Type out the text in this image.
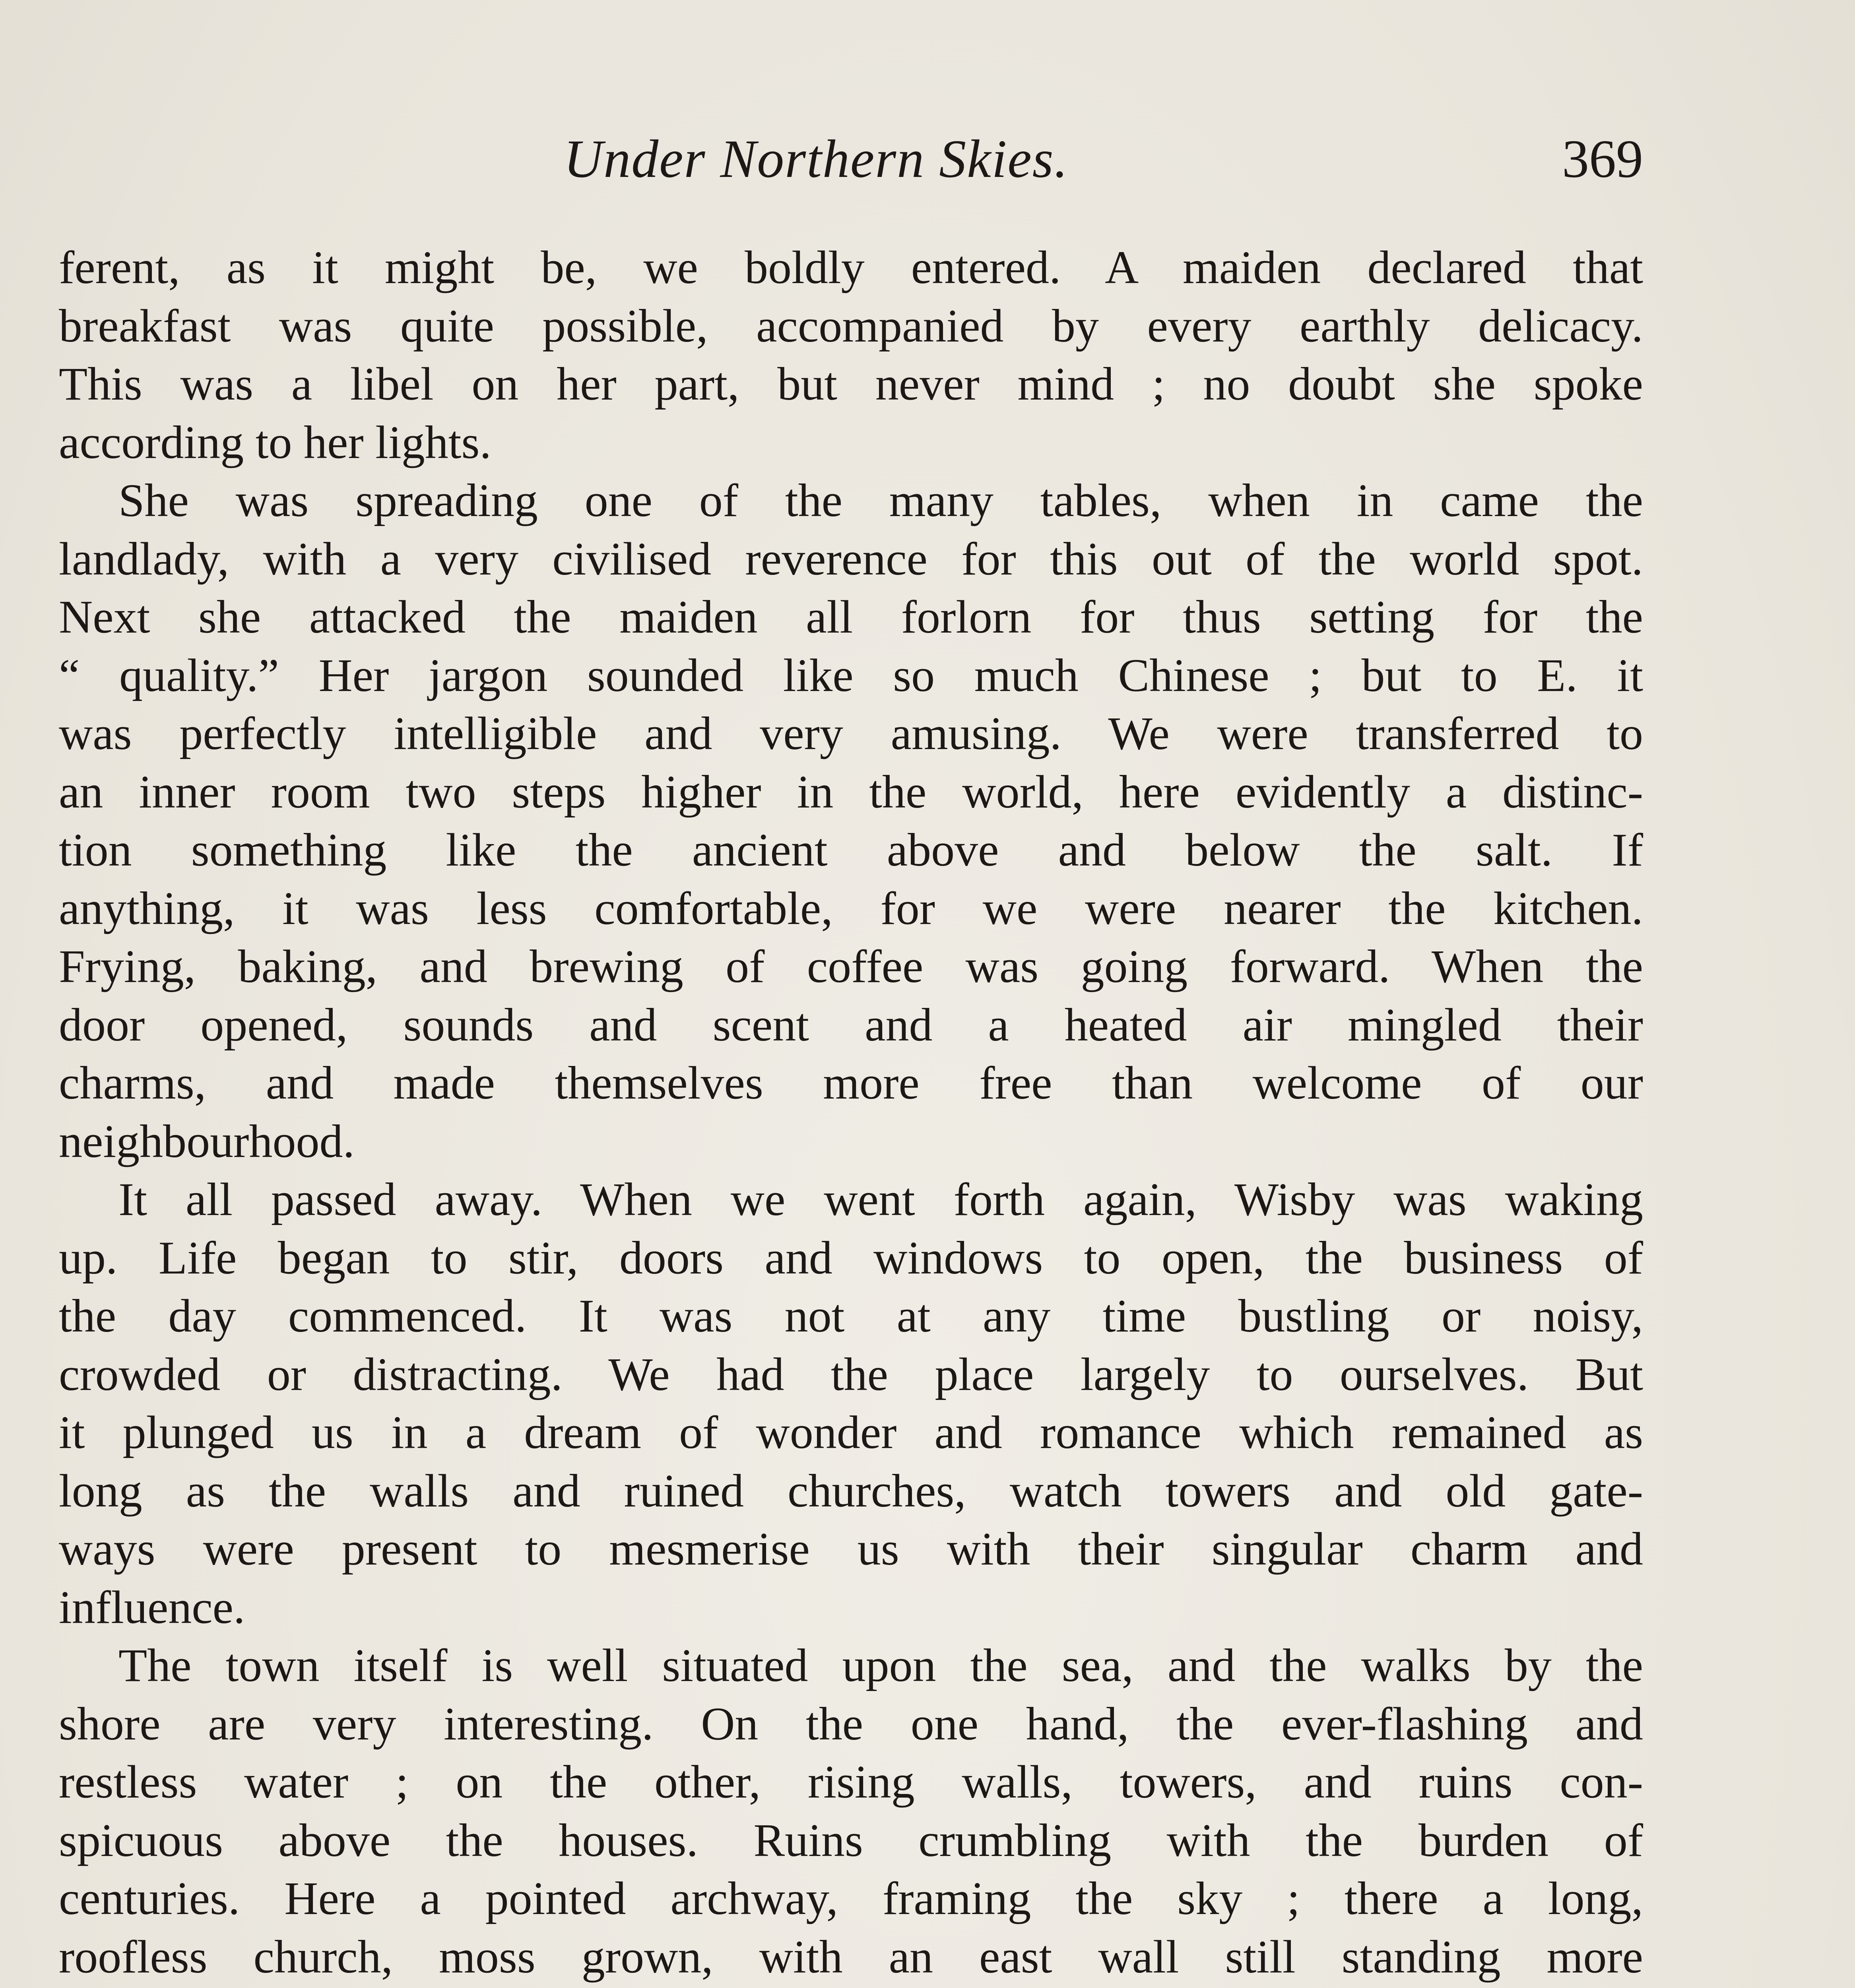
Under Northern Skies.	369

ferent, as it might be, we boldly entered. A maiden declared that
breakfast was quite possible, accompanied by every earthly delicacy.
This was a libel on her part, but never mind ; no doubt she spoke
according to her lights.

She was spreading one of the many tables, when in came the
landlady, with a very civilised reverence for this out of the world spot.
Next she attacked the maiden all forlorn for thus setting for the
“ quality.” Her jargon sounded like so much Chinese ; but to E. it
was perfectly intelligible and very amusing. We were transferred to
an inner room two steps higher in the world, here evidently a distinc-
tion something like the ancient above and below the salt. If
anything, it was less comfortable, for we were nearer the kitchen.
Frying, baking, and brewing of coffee was going forward. When the
door opened, sounds and scent and a heated air mingled their
charms, and made themselves more free than welcome of our
neighbourhood.

It all passed away. When we went forth again, Wisby was waking
up. Life began to stir, doors and windows to open, the business of
the day commenced. It was not at any time bustling or noisy,
crowded or distracting. We had the place largely to ourselves. But
it plunged us in a dream of wonder and romance which remained as
long as the walls and ruined churches, watch towers and old gate-
ways were present to mesmerise us with their singular charm and
influence.

The town itself is well situated upon the sea, and the walks by the
shore are very interesting. On the one hand, the ever-flashing and
restless water ; on the other, rising walls, towers, and ruins con-
spicuous above the houses. Ruins crumbling with the burden of
centuries. Here a pointed archway, framing the sky ; there a long,
roofless church, moss grown, with an east wall still standing more
